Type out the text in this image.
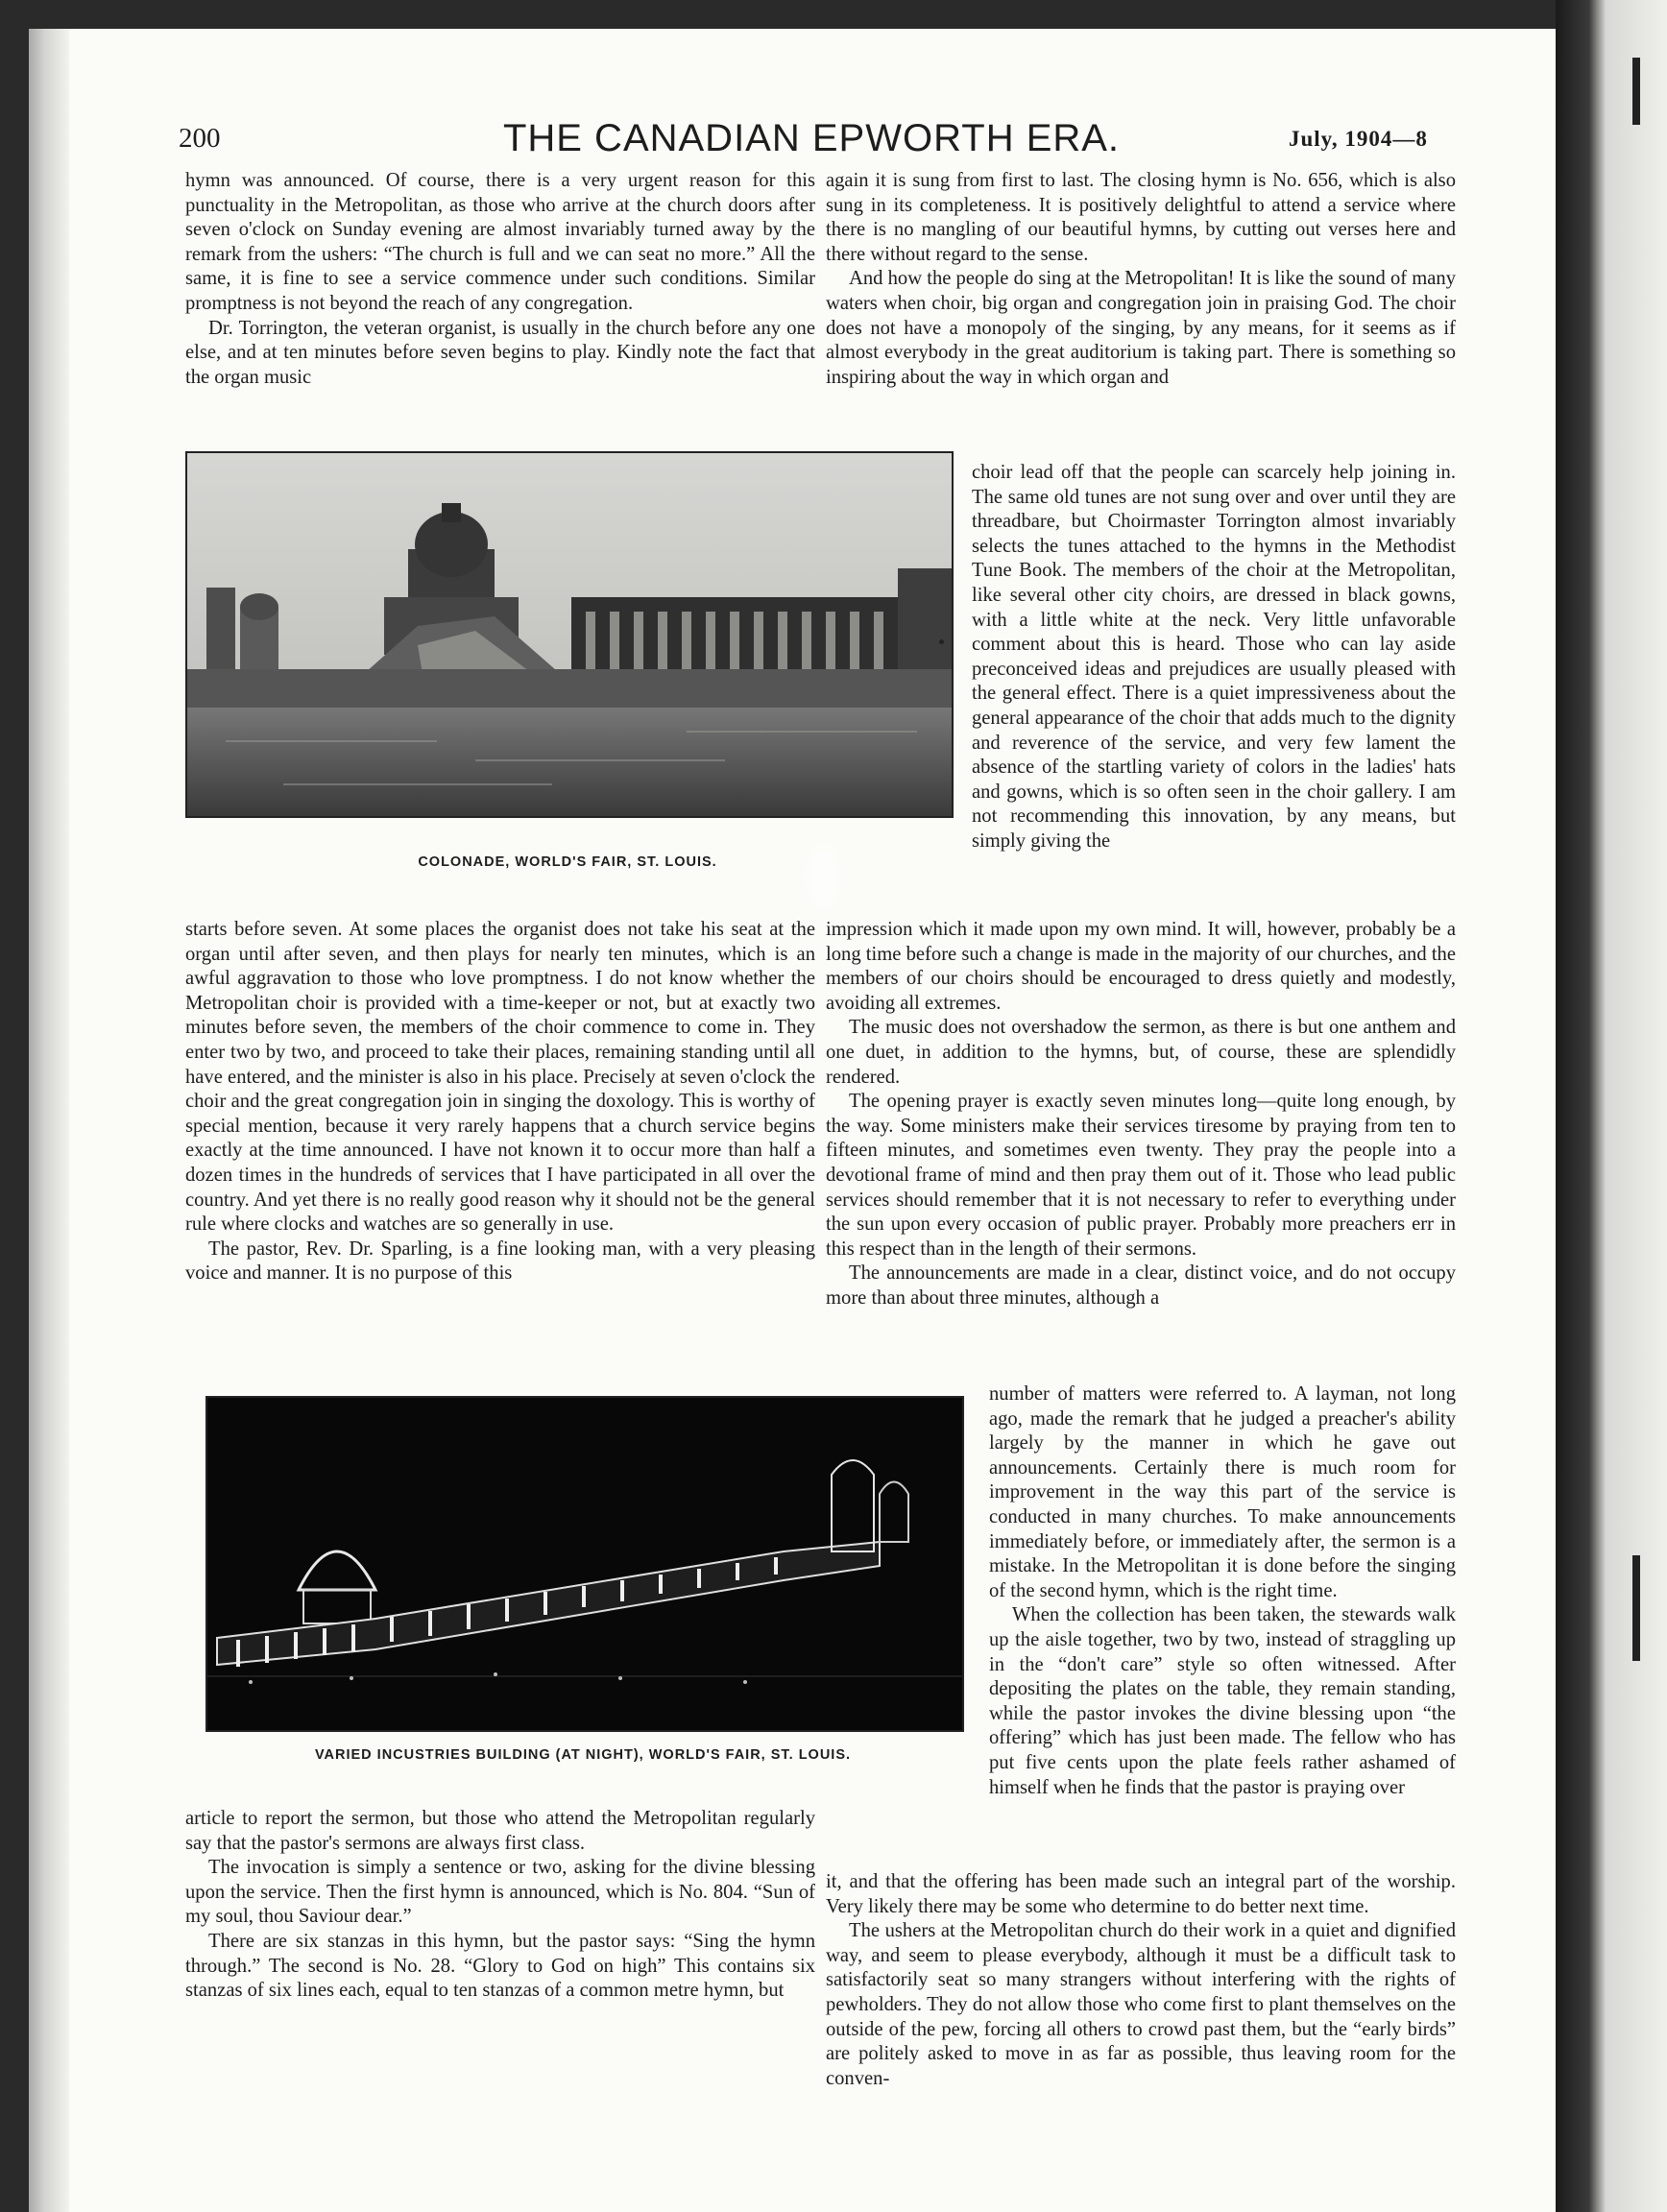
200	THE CANADIAN EPWORTH ERA.	July, 1904—8

hymn was announced. Of course, there is a very urgent reason for this punctuality in the Metropolitan, as those who arrive at the church doors after seven o'clock on Sunday evening are almost invariably turned away by the remark from the ushers: “The church is full and we can seat no more.” All the same, it is fine to see a service commence under such conditions. Similar promptness is not beyond the reach of any congregation.

Dr. Torrington, the veteran organist, is usually in the church before any one else, and at ten minutes before seven begins to play. Kindly note the fact that the organ music

again it is sung from first to last. The closing hymn is No. 656, which is also sung in its completeness. It is positively delightful to attend a service where there is no mangling of our beautiful hymns, by cutting out verses here and there without regard to the sense.

And how the people do sing at the Metropolitan! It is like the sound of many waters when choir, big organ and congregation join in praising God. The choir does not have a monopoly of the singing, by any means, for it seems as if almost everybody in the great auditorium is taking part. There is something so inspiring about the way in which organ and

COLONADE, WORLD'S FAIR, ST. LOUIS.

choir lead off that the people can scarcely help joining in. The same old tunes are not sung over and over until they are threadbare, but Choirmaster Torrington almost invariably selects the tunes attached to the hymns in the Methodist Tune Book. The members of the choir at the Metropolitan, like several other city choirs, are dressed in black gowns, with a little white at the neck. Very little unfavorable comment about this is heard. Those who can lay aside preconceived ideas and prejudices are usually pleased with the general effect. There is a quiet impressiveness about the general appearance of the choir that adds much to the dignity and reverence of the service, and very few lament the absence of the startling variety of colors in the ladies' hats and gowns, which is so often seen in the choir gallery. I am not recommending this innovation, by any means, but simply giving the

starts before seven. At some places the organist does not take his seat at the organ until after seven, and then plays for nearly ten minutes, which is an awful aggravation to those who love promptness. I do not know whether the Metropolitan choir is provided with a time-keeper or not, but at exactly two minutes before seven, the members of the choir commence to come in. They enter two by two, and proceed to take their places, remaining standing until all have entered, and the minister is also in his place. Precisely at seven o'clock the choir and the great congregation join in singing the doxology. This is worthy of special mention, because it very rarely happens that a church service begins exactly at the time announced. I have not known it to occur more than half a dozen times in the hundreds of services that I have participated in all over the country. And yet there is no really good reason why it should not be the general rule where clocks and watches are so generally in use.

The pastor, Rev. Dr. Sparling, is a fine looking man, with a very pleasing voice and manner. It is no purpose of this

impression which it made upon my own mind. It will, however, probably be a long time before such a change is made in the majority of our churches, and the members of our choirs should be encouraged to dress quietly and modestly, avoiding all extremes.

The music does not overshadow the sermon, as there is but one anthem and one duet, in addition to the hymns, but, of course, these are splendidly rendered.

The opening prayer is exactly seven minutes long—quite long enough, by the way. Some ministers make their services tiresome by praying from ten to fifteen minutes, and sometimes even twenty. They pray the people into a devotional frame of mind and then pray them out of it. Those who lead public services should remember that it is not necessary to refer to everything under the sun upon every occasion of public prayer. Probably more preachers err in this respect than in the length of their sermons.

The announcements are made in a clear, distinct voice, and do not occupy more than about three minutes, although a

VARIED INCUSTRIES BUILDING (AT NIGHT), WORLD'S FAIR, ST. LOUIS.

number of matters were referred to. A layman, not long ago, made the remark that he judged a preacher's ability largely by the manner in which he gave out announcements. Certainly there is much room for improvement in the way this part of the service is conducted in many churches. To make announcements immediately before, or immediately after, the sermon is a mistake. In the Metropolitan it is done before the singing of the second hymn, which is the right time.

When the collection has been taken, the stewards walk up the aisle together, two by two, instead of straggling up in the “don't care” style so often witnessed. After depositing the plates on the table, they remain standing, while the pastor invokes the divine blessing upon “the offering” which has just been made. The fellow who has put five cents upon the plate feels rather ashamed of himself when he finds that the pastor is praying over

article to report the sermon, but those who attend the Metropolitan regularly say that the pastor's sermons are always first class.

The invocation is simply a sentence or two, asking for the divine blessing upon the service. Then the first hymn is announced, which is No. 804. “Sun of my soul, thou Saviour dear.”

There are six stanzas in this hymn, but the pastor says: “Sing the hymn through.” The second is No. 28. “Glory to God on high” This contains six stanzas of six lines each, equal to ten stanzas of a common metre hymn, but

it, and that the offering has been made such an integral part of the worship. Very likely there may be some who determine to do better next time.

The ushers at the Metropolitan church do their work in a quiet and dignified way, and seem to please everybody, although it must be a difficult task to satisfactorily seat so many strangers without interfering with the rights of pewholders. They do not allow those who come first to plant themselves on the outside of the pew, forcing all others to crowd past them, but the “early birds” are politely asked to move in as far as possible, thus leaving room for the conven-
